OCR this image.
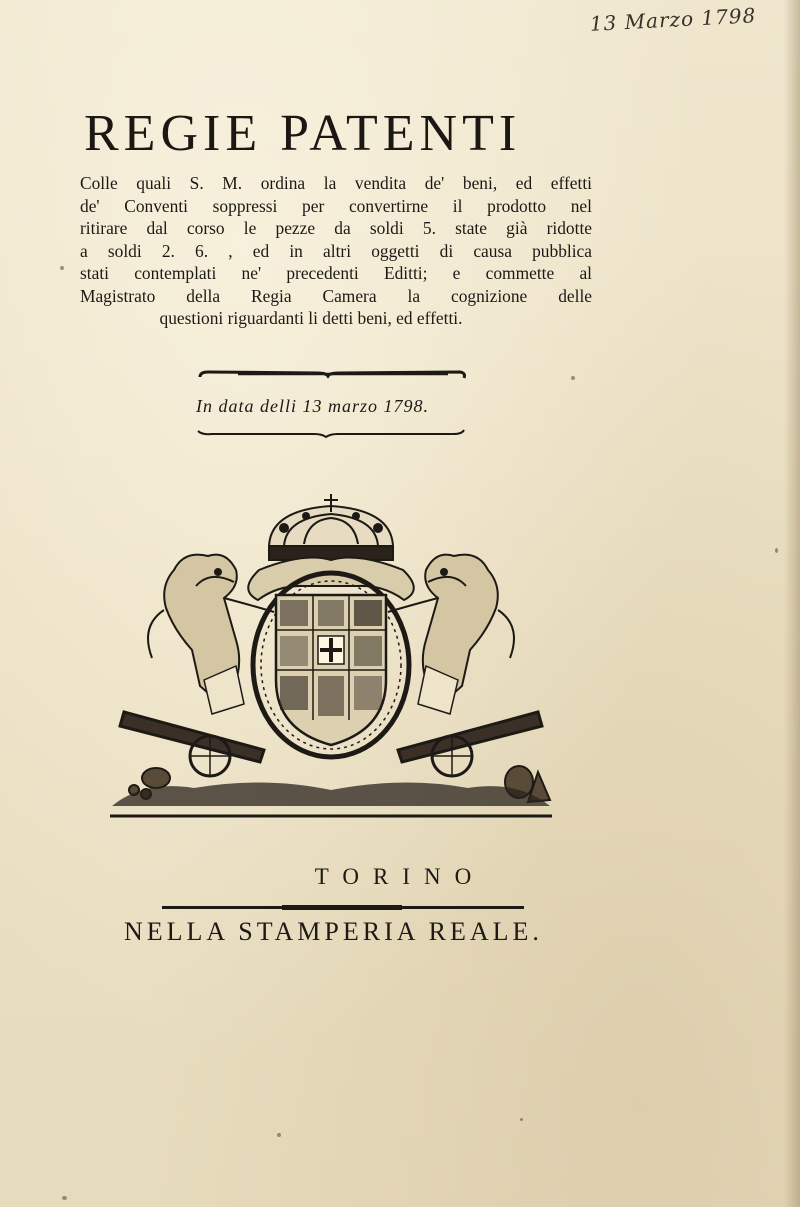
13 Marzo 1798
REGIE PATENTI
Colle quali S. M. ordina la vendita de' beni, ed effetti
de' Conventi soppressi per convertirne il prodotto nel
ritirare dal corso le pezze da soldi 5. state già ridotte
a soldi 2. 6. , ed in altri oggetti di causa pubblica
stati contemplati ne' precedenti Editti; e commette al
Magistrato della Regia Camera la cognizione delle
questioni riguardanti li detti beni, ed effetti.
In data delli 13 marzo 1798.
TORINO
NELLA STAMPERIA REALE.
